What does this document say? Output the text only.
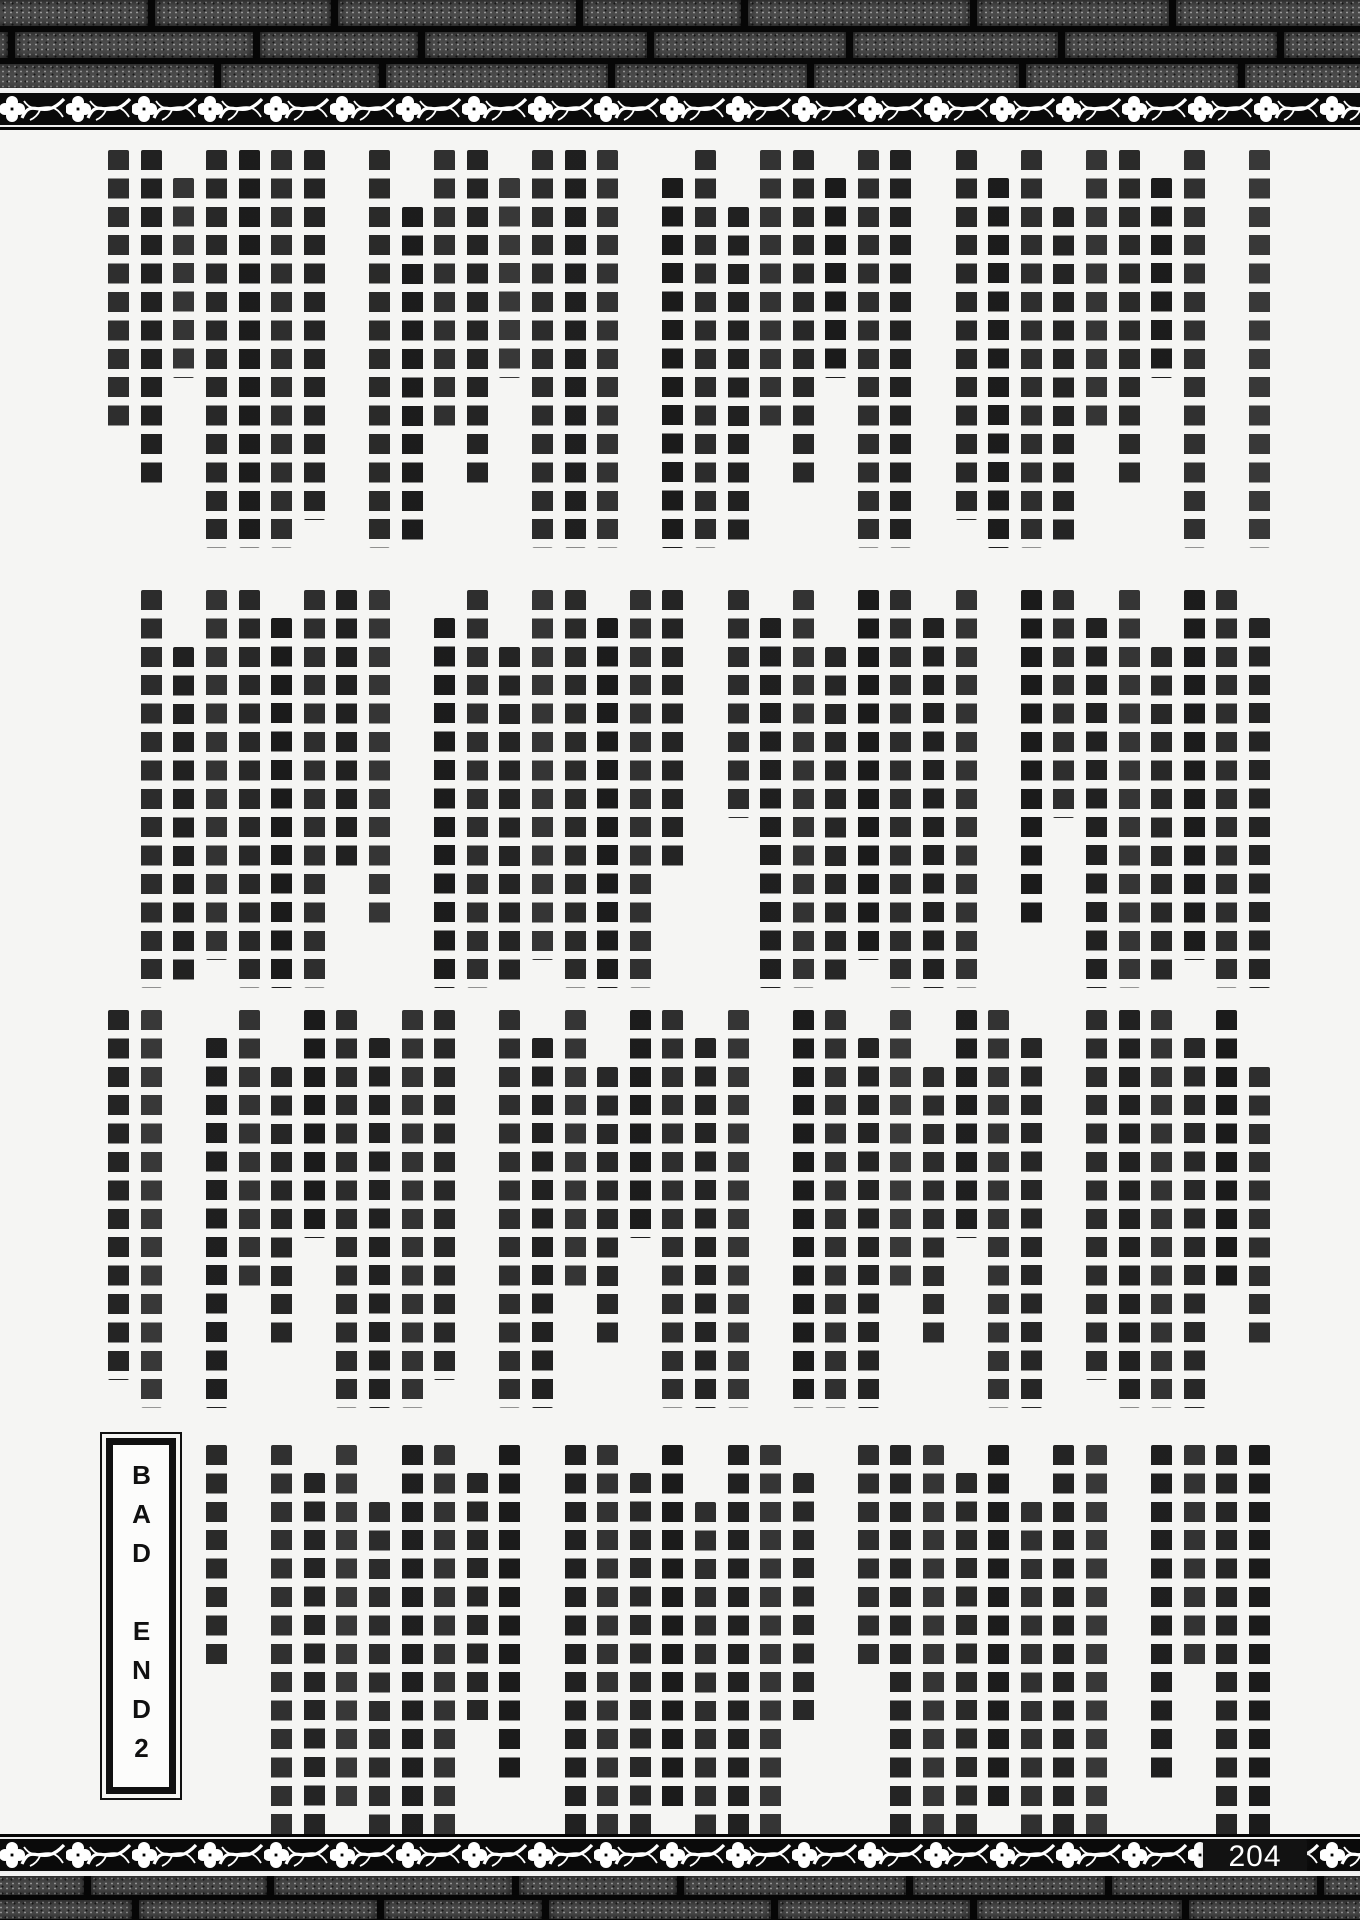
BAD END2
204
